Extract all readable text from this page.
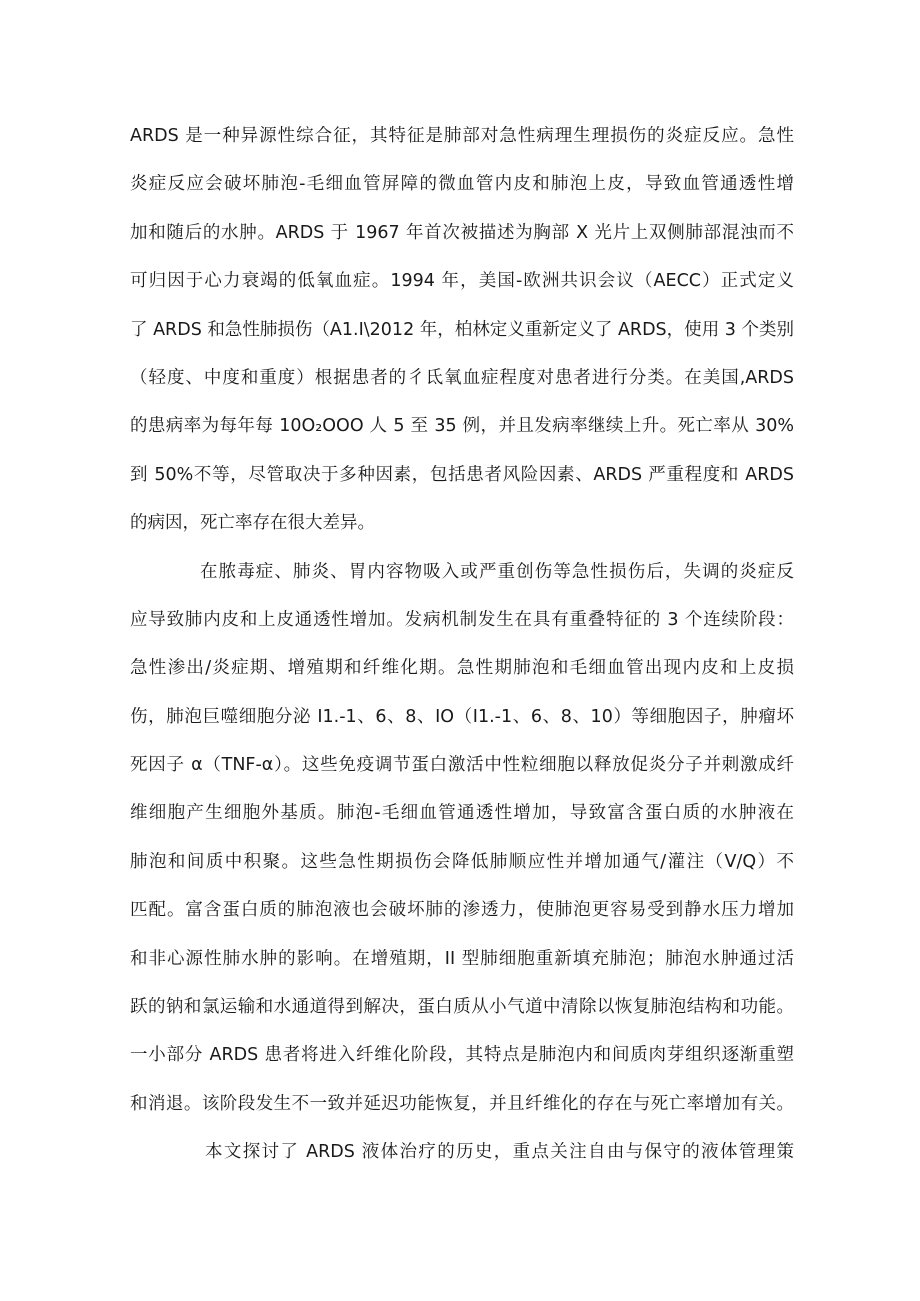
ARDS 是一种异源性综合征，其特征是肺部对急性病理生理损伤的炎症反应。急性
炎症反应会破坏肺泡-毛细血管屏障的微血管内皮和肺泡上皮，导致血管通透性增
加和随后的水肿。ARDS 于 1967 年首次被描述为胸部 X 光片上双侧肺部混浊而不
可归因于心力衰竭的低氧血症。1994 年，美国-欧洲共识会议（AECC）正式定义
了 ARDS 和急性肺损伤（A1.I\2012 年，柏林定义重新定义了 ARDS，使用 3 个类别
（轻度、中度和重度）根据患者的彳氐氧血症程度对患者进行分类。在美国,ARDS
的患病率为每年每 10O₂OOO 人 5 至 35 例，并且发病率继续上升。死亡率从 30%
到 50%不等，尽管取决于多种因素，包括患者风险因素、ARDS 严重程度和 ARDS
的病因，死亡率存在很大差异。
在脓毒症、肺炎、胃内容物吸入或严重创伤等急性损伤后，失调的炎症反
应导致肺内皮和上皮通透性增加。发病机制发生在具有重叠特征的 3 个连续阶段：
急性渗出/炎症期、增殖期和纤维化期。急性期肺泡和毛细血管出现内皮和上皮损
伤，肺泡巨噬细胞分泌 I1.-1、6、8、IO（I1.-1、6、8、10）等细胞因子，肿瘤坏
死因子 α（TNF-α）。这些免疫调节蛋白激活中性粒细胞以释放促炎分子并刺激成纤
维细胞产生细胞外基质。肺泡-毛细血管通透性增加，导致富含蛋白质的水肿液在
肺泡和间质中积聚。这些急性期损伤会降低肺顺应性并增加通气/灌注（V/Q）不
匹配。富含蛋白质的肺泡液也会破坏肺的渗透力，使肺泡更容易受到静水压力增加
和非心源性肺水肿的影响。在增殖期，II 型肺细胞重新填充肺泡；肺泡水肿通过活
跃的钠和氯运输和水通道得到解决，蛋白质从小气道中清除以恢复肺泡结构和功能。
一小部分 ARDS 患者将进入纤维化阶段，其特点是肺泡内和间质肉芽组织逐渐重塑
和消退。该阶段发生不一致并延迟功能恢复，并且纤维化的存在与死亡率增加有关。
本文探讨了 ARDS 液体治疗的历史，重点关注自由与保守的液体管理策
